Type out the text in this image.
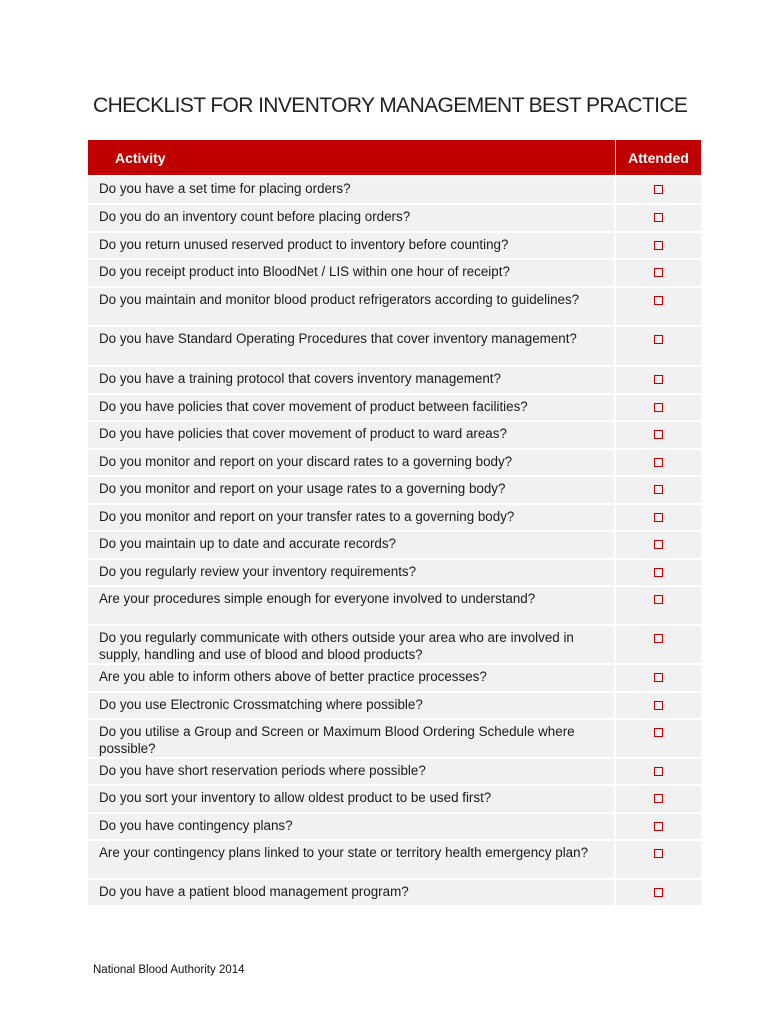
CHECKLIST FOR INVENTORY MANAGEMENT BEST PRACTICE
Activity	Attended
Do you have a set time for placing orders?
Do you do an inventory count before placing orders?
Do you return unused reserved product to inventory before counting?
Do you receipt product into BloodNet / LIS within one hour of receipt?
Do you maintain and monitor blood product refrigerators according to guidelines?
Do you have Standard Operating Procedures that cover inventory management?
Do you have a training protocol that covers inventory management?
Do you have policies that cover movement of product between facilities?
Do you have policies that cover movement of product to ward areas?
Do you monitor and report on your discard rates to a governing body?
Do you monitor and report on your usage rates to a governing body?
Do you monitor and report on your transfer rates to a governing body?
Do you maintain up to date and accurate records?
Do you regularly review your inventory requirements?
Are your procedures simple enough for everyone involved to understand?
Do you regularly communicate with others outside your area who are involved in supply, handling and use of blood and blood products?
Are you able to inform others above of better practice processes?
Do you use Electronic Crossmatching where possible?
Do you utilise a Group and Screen or Maximum Blood Ordering Schedule where possible?
Do you have short reservation periods where possible?
Do you sort your inventory to allow oldest product to be used first?
Do you have contingency plans?
Are your contingency plans linked to your state or territory health emergency plan?
Do you have a patient blood management program?
National Blood Authority 2014
